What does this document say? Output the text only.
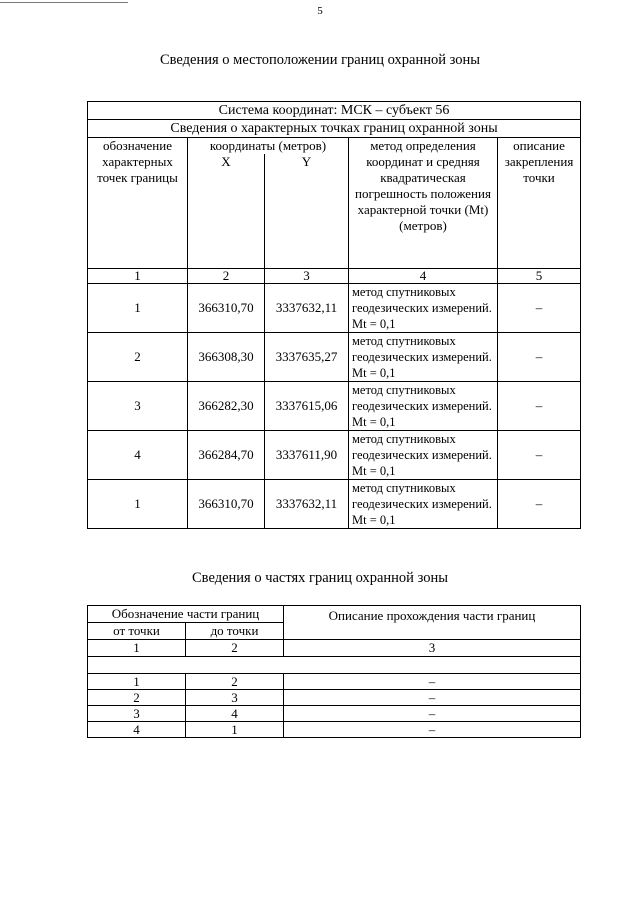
5
Сведения о местоположении границ охранной зоны
Система координат: МСК – субъект 56				
Сведения о характерных точках границ охранной зоны				
обозначение характерных точек границы	координаты (метров)		метод определения координат и средняя квадратическая погрешность положения характерной точки (Mt) (метров)	описание закрепления точки
	X	Y		
1	2	3	4	5
1	366310,70	3337632,11	метод спутниковых геодезических измерений. Mt = 0,1	–
2	366308,30	3337635,27	метод спутниковых геодезических измерений. Mt = 0,1	–
3	366282,30	3337615,06	метод спутниковых геодезических измерений. Mt = 0,1	–
4	366284,70	3337611,90	метод спутниковых геодезических измерений. Mt = 0,1	–
1	366310,70	3337632,11	метод спутниковых геодезических измерений. Mt = 0,1	–
Сведения о частях границ охранной зоны
Обозначение части границ		Описание прохождения части границ
от точки	до точки	
1	2	3

1	2	–
2	3	–
3	4	–
4	1	–
